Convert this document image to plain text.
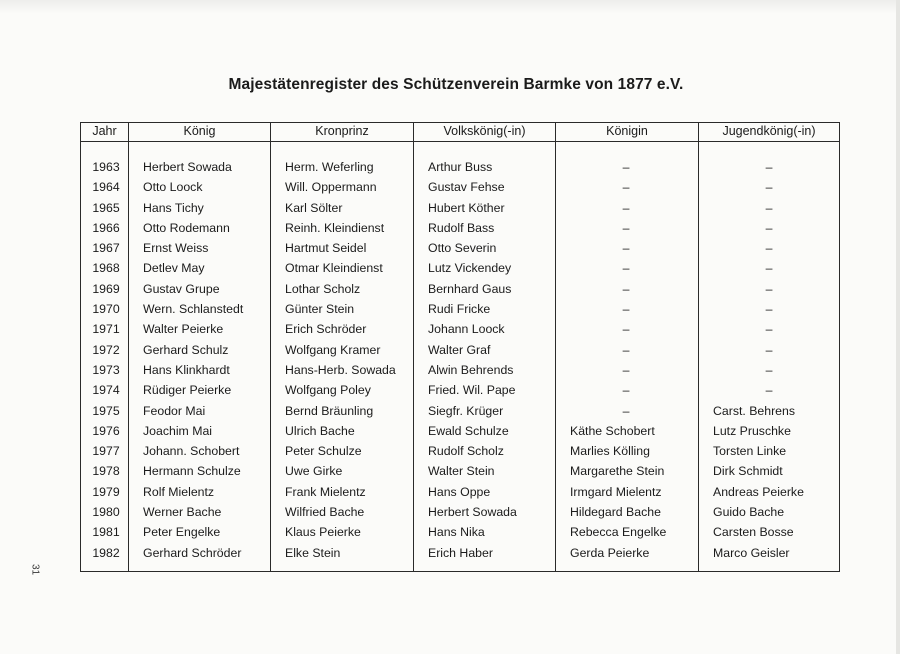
Majestätenregister des Schützenverein Barmke von 1877 e.V.
Jahr	König	Kronprinz	Volkskönig(-in)	Königin	Jugendkönig(-in)
1963	Herbert Sowada	Herm. Weferling	Arthur Buss	–	–
1964	Otto Loock	Will. Oppermann	Gustav Fehse	–	–
1965	Hans Tichy	Karl Sölter	Hubert Köther	–	–
1966	Otto Rodemann	Reinh. Kleindienst	Rudolf Bass	–	–
1967	Ernst Weiss	Hartmut Seidel	Otto Severin	–	–
1968	Detlev May	Otmar Kleindienst	Lutz Vickendey	–	–
1969	Gustav Grupe	Lothar Scholz	Bernhard Gaus	–	–
1970	Wern. Schlanstedt	Günter Stein	Rudi Fricke	–	–
1971	Walter Peierke	Erich Schröder	Johann Loock	–	–
1972	Gerhard Schulz	Wolfgang Kramer	Walter Graf	–	–
1973	Hans Klinkhardt	Hans-Herb. Sowada	Alwin Behrends	–	–
1974	Rüdiger Peierke	Wolfgang Poley	Fried. Wil. Pape	–	–
1975	Feodor Mai	Bernd Bräunling	Siegfr. Krüger	–	Carst. Behrens
1976	Joachim Mai	Ulrich Bache	Ewald Schulze	Käthe Schobert	Lutz Pruschke
1977	Johann. Schobert	Peter Schulze	Rudolf Scholz	Marlies Kölling	Torsten Linke
1978	Hermann Schulze	Uwe Girke	Walter Stein	Margarethe Stein	Dirk Schmidt
1979	Rolf Mielentz	Frank Mielentz	Hans Oppe	Irmgard Mielentz	Andreas Peierke
1980	Werner Bache	Wilfried Bache	Herbert Sowada	Hildegard Bache	Guido Bache
1981	Peter Engelke	Klaus Peierke	Hans Nika	Rebecca Engelke	Carsten Bosse
1982	Gerhard Schröder	Elke Stein	Erich Haber	Gerda Peierke	Marco Geisler
31
